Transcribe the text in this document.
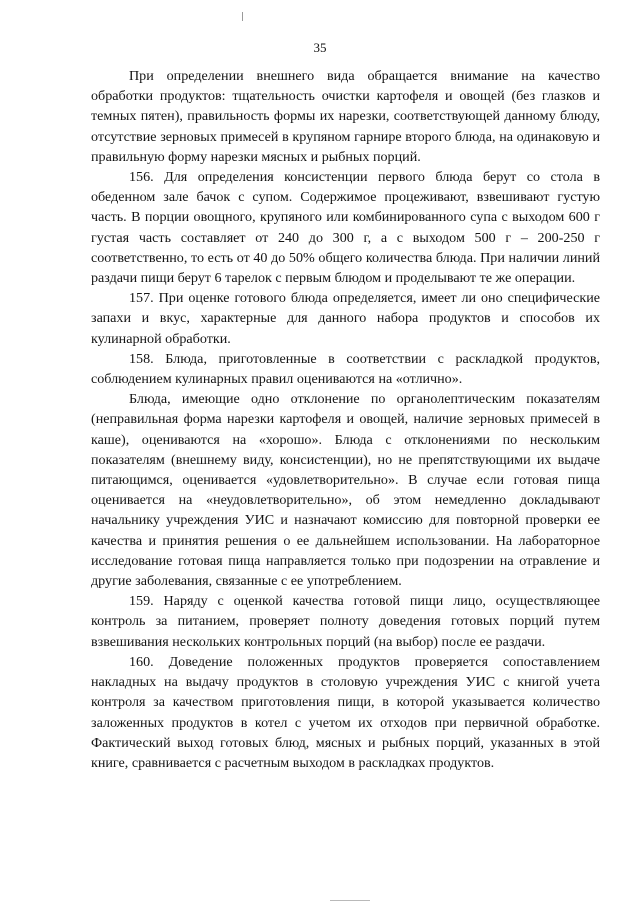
35

При определении внешнего вида обращается внимание на качество обработки продуктов: тщательность очистки картофеля и овощей (без глазков и темных пятен), правильность формы их нарезки, соответствующей данному блюду, отсутствие зерновых примесей в крупяном гарнире второго блюда, на одинаковую и правильную форму нарезки мясных и рыбных порций.

156. Для определения консистенции первого блюда берут со стола в обеденном зале бачок с супом. Содержимое процеживают, взвешивают густую часть. В порции овощного, крупяного или комбинированного супа с выходом 600 г густая часть составляет от 240 до 300 г, а с выходом 500 г – 200-250 г соответственно, то есть от 40 до 50% общего количества блюда. При наличии линий раздачи пищи берут 6 тарелок с первым блюдом и проделывают те же операции.

157. При оценке готового блюда определяется, имеет ли оно специфические запахи и вкус, характерные для данного набора продуктов и способов их кулинарной обработки.

158. Блюда, приготовленные в соответствии с раскладкой продуктов, соблюдением кулинарных правил оцениваются на «отлично».

Блюда, имеющие одно отклонение по органолептическим показателям (неправильная форма нарезки картофеля и овощей, наличие зерновых примесей в каше), оцениваются на «хорошо». Блюда с отклонениями по нескольким показателям (внешнему виду, консистенции), но не препятствующими их выдаче питающимся, оценивается «удовлетворительно». В случае если готовая пища оценивается на «неудовлетворительно», об этом немедленно докладывают начальнику учреждения УИС и назначают комиссию для повторной проверки ее качества и принятия решения о ее дальнейшем использовании. На лабораторное исследование готовая пища направляется только при подозрении на отравление и другие заболевания, связанные с ее употреблением.

159. Наряду с оценкой качества готовой пищи лицо, осуществляющее контроль за питанием, проверяет полноту доведения готовых порций путем взвешивания нескольких контрольных порций (на выбор) после ее раздачи.

160. Доведение положенных продуктов проверяется сопоставлением накладных на выдачу продуктов в столовую учреждения УИС с книгой учета контроля за качеством приготовления пищи, в которой указывается количество заложенных продуктов в котел с учетом их отходов при первичной обработке. Фактический выход готовых блюд, мясных и рыбных порций, указанных в этой книге, сравнивается с расчетным выходом в раскладках продуктов.
